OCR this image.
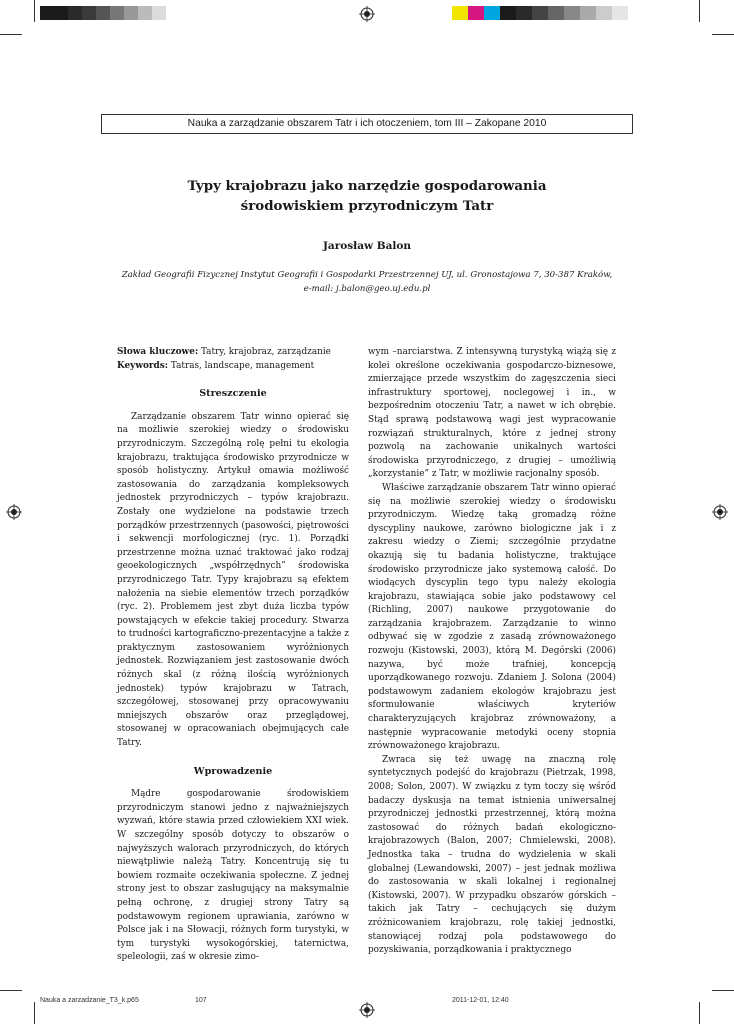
Nauka a zarządzanie obszarem Tatr i ich otoczeniem, tom III – Zakopane 2010
Typy krajobrazu jako narzędzie gospodarowania
środowiskiem przyrodniczym Tatr
Jarosław Balon
Zakład Geografii Fizycznej Instytut Geografii i Gospodarki Przestrzennej UJ, ul. Gronostajowa 7, 30-387 Kraków,
e-mail: j.balon@geo.uj.edu.pl

Słowa kluczowe: Tatry, krajobraz, zarządzanie

Keywords: Tatras, landscape, management

Streszczenie

Zarządzanie obszarem Tatr winno opierać się na możliwie szerokiej wiedzy o środowisku przyrodniczym. Szczególną rolę pełni tu ekologia krajobrazu, traktująca środowisko przyrodnicze w sposób holistyczny. Artykuł omawia możliwość zastosowania do zarządzania kompleksowych jednostek przyrodniczych – typów krajobrazu. Zostały one wydzielone na podstawie trzech porządków przestrzennych (pasowości, piętrowości i sekwencji morfologicznej (ryc. 1). Porządki przestrzenne można uznać traktować jako rodzaj geoekologicznych „współrzędnych” środowiska przyrodniczego Tatr. Typy krajobrazu są efektem nałożenia na siebie elementów trzech porządków (ryc. 2). Problemem jest zbyt duża liczba typów powstających w efekcie takiej procedury. Stwarza to trudności kartograficzno-prezentacyjne a także z praktycznym zastosowaniem wyróżnionych jednostek. Rozwiązaniem jest zastosowanie dwóch różnych skal (z różną ilością wyróżnionych jednostek) typów krajobrazu w Tatrach, szczegółowej, stosowanej przy opracowywaniu mniejszych obszarów oraz przeglądowej, stosowanej w opracowaniach obejmujących całe Tatry.

Wprowadzenie

Mądre gospodarowanie środowiskiem przyrodniczym stanowi jedno z najważniejszych wyzwań, które stawia przed człowiekiem XXI wiek. W szczególny sposób dotyczy to obszarów o najwyższych walorach przyrodniczych, do których niewątpliwie należą Tatry. Koncentrują się tu bowiem rozmaite oczekiwania społeczne. Z jednej strony jest to obszar zasługujący na maksymalnie pełną ochronę, z drugiej strony Tatry są podstawowym regionem uprawiania, zarówno w Polsce jak i na Słowacji, różnych form turystyki, w tym turystyki wysokogórskiej, taternictwa, speleologii, zaś w okresie zimo-

wym –narciarstwa. Z intensywną turystyką wiążą się z kolei określone oczekiwania gospodarczo-biznesowe, zmierzające przede wszystkim do zagęszczenia sieci infrastruktury sportowej, noclegowej i in., w bezpośrednim otoczeniu Tatr, a nawet w ich obrębie. Stąd sprawą podstawową wagi jest wypracowanie rozwiązań strukturalnych, które z jednej strony pozwolą na zachowanie unikalnych wartości środowiska przyrodniczego, z drugiej – umożliwią „korzystanie” z Tatr, w możliwie racjonalny sposób.

Właściwe zarządzanie obszarem Tatr winno opierać się na możliwie szerokiej wiedzy o środowisku przyrodniczym. Wiedzę taką gromadzą różne dyscypliny naukowe, zarówno biologiczne jak i z zakresu wiedzy o Ziemi; szczególnie przydatne okazują się tu badania holistyczne, traktujące środowisko przyrodnicze jako systemową całość. Do wiodących dyscyplin tego typu należy ekologia krajobrazu, stawiająca sobie jako podstawowy cel (Richling, 2007) naukowe przygotowanie do zarządzania krajobrazem. Zarządzanie to winno odbywać się w zgodzie z zasadą zrównoważonego rozwoju (Kistowski, 2003), którą M. Degórski (2006) nazywa, być może trafniej, koncepcją uporządkowanego rozwoju. Zdaniem J. Solona (2004) podstawowym zadaniem ekologów krajobrazu jest sformułowanie właściwych kryteriów charakteryzujących krajobraz zrównoważony, a następnie wypracowanie metodyki oceny stopnia zrównoważonego krajobrazu.

Zwraca się też uwagę na znaczną rolę syntetycznych podejść do krajobrazu (Pietrzak, 1998, 2008; Solon, 2007). W związku z tym toczy się wśród badaczy dyskusja na temat istnienia uniwersalnej przyrodniczej jednostki przestrzennej, którą można zastosować do różnych badań ekologiczno-krajobrazowych (Balon, 2007; Chmielewski, 2008). Jednostka taka – trudna do wydzielenia w skali globalnej (Lewandowski, 2007) – jest jednak możliwa do zastosowania w skali lokalnej i regionalnej (Kistowski, 2007). W przypadku obszarów górskich – takich jak Tatry – cechujących się dużym zróżnicowaniem krajobrazu, rolę takiej jednostki, stanowiącej rodzaj pola podstawowego do pozyskiwania, porządkowania i praktycznego

Nauka a zarzadzanie_T3_k.p65	107	2011-12-01, 12:40
